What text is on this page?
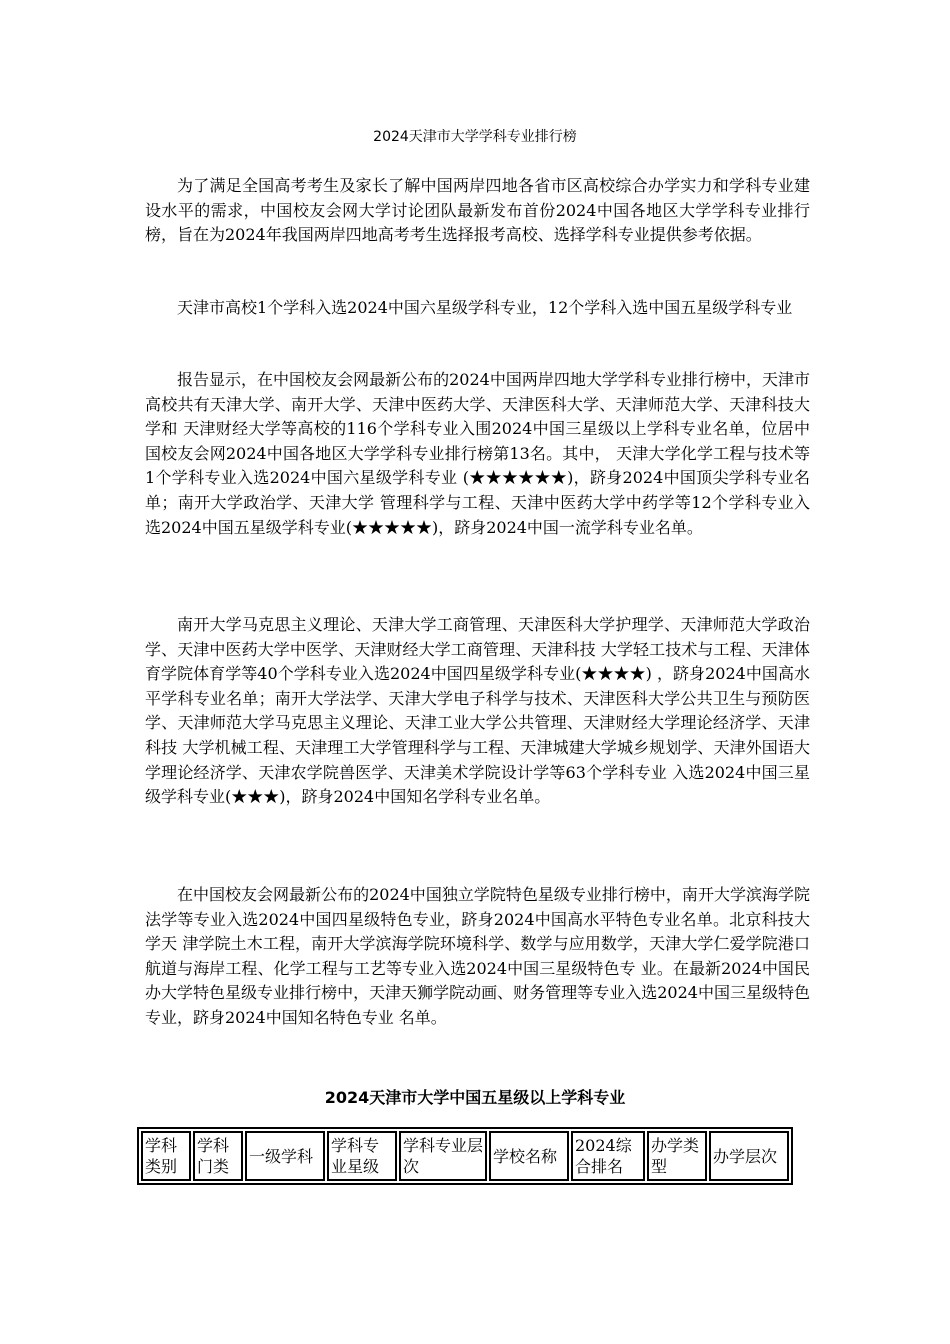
2024天津市大学学科专业排行榜

为了满足全国高考考生及家长了解中国两岸四地各省市区高校综合办学实力和学科专业建设水平的需求，中国校友会网大学讨论团队最新发布首份2024中国各地区大学学科专业排行榜，旨在为2024年我国两岸四地高考考生选择报考高校、选择学科专业提供参考依据。

天津市高校1个学科入选2024中国六星级学科专业，12个学科入选中国五星级学科专业

报告显示，在中国校友会网最新公布的2024中国两岸四地大学学科专业排行榜中，天津市高校共有天津大学、南开大学、天津中医药大学、天津医科大学、天津师范大学、天津科技大学和 天津财经大学等高校的116个学科专业入围2024中国三星级以上学科专业名单，位居中国校友会网2024中国各地区大学学科专业排行榜第13名。其中， 天津大学化学工程与技术等1个学科专业入选2024中国六星级学科专业 (★★★★★★)，跻身2024中国顶尖学科专业名单；南开大学政治学、天津大学 管理科学与工程、天津中医药大学中药学等12个学科专业入选2024中国五星级学科专业(★★★★★)，跻身2024中国一流学科专业名单。

南开大学马克思主义理论、天津大学工商管理、天津医科大学护理学、天津师范大学政治学、天津中医药大学中医学、天津财经大学工商管理、天津科技 大学轻工技术与工程、天津体育学院体育学等40个学科专业入选2024中国四星级学科专业(★★★★) ，跻身2024中国高水平学科专业名单；南开大学法学、天津大学电子科学与技术、天津医科大学公共卫生与预防医学、天津师范大学马克思主义理论、天津工业大学公共管理、天津财经大学理论经济学、天津科技 大学机械工程、天津理工大学管理科学与工程、天津城建大学城乡规划学、天津外国语大学理论经济学、天津农学院兽医学、天津美术学院设计学等63个学科专业 入选2024中国三星级学科专业(★★★)，跻身2024中国知名学科专业名单。

在中国校友会网最新公布的2024中国独立学院特色星级专业排行榜中，南开大学滨海学院法学等专业入选2024中国四星级特色专业，跻身2024中国高水平特色专业名单。北京科技大学天 津学院土木工程，南开大学滨海学院环境科学、数学与应用数学，天津大学仁爱学院港口航道与海岸工程、化学工程与工艺等专业入选2024中国三星级特色专 业。在最新2024中国民办大学特色星级专业排行榜中，天津天狮学院动画、财务管理等专业入选2024中国三星级特色专业，跻身2024中国知名特色专业 名单。

2024天津市大学中国五星级以上学科专业
学科类别	学科门类	一级学科	学科专业星级	学科专业层次	学校名称	2024综合排名	办学类型	办学层次
